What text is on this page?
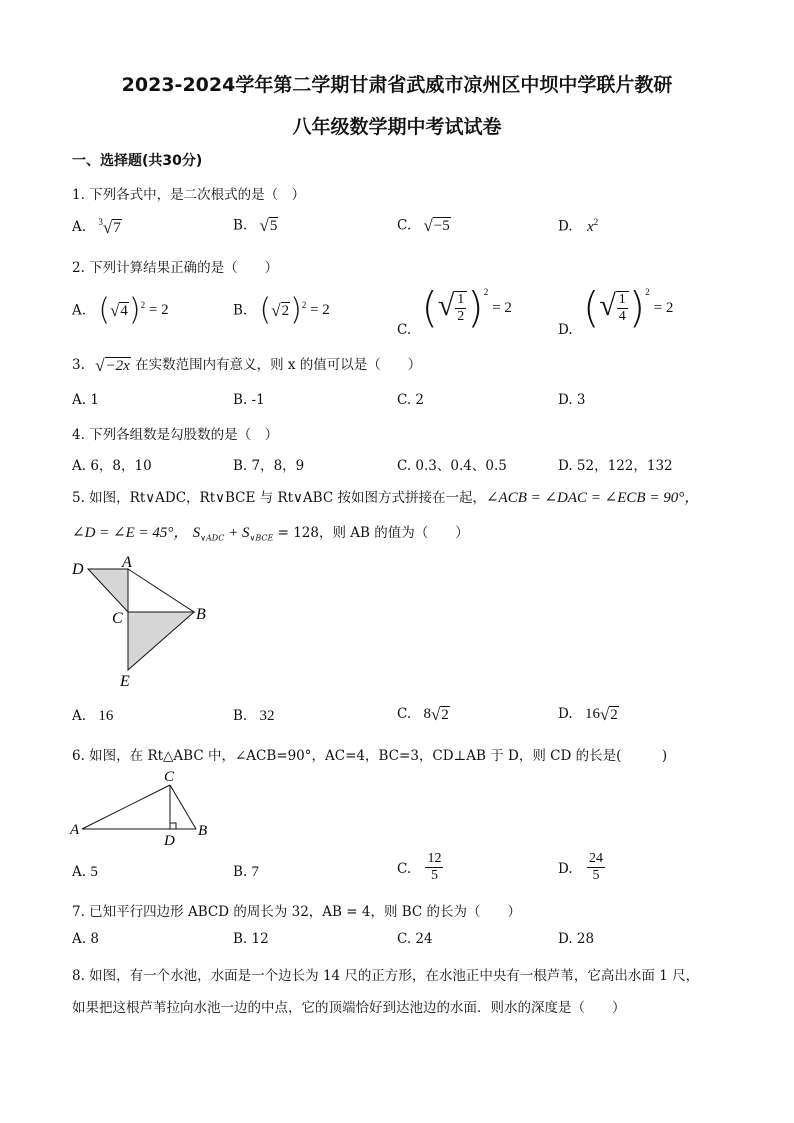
2023-2024学年第二学期甘肃省武威市凉州区中坝中学联片教研
八年级数学期中考试试卷
一、选择题(共30分)
1. 下列各式中，是二次根式的是（　）
A. $^3$ √ 7	B. √ 5	C. √ −5	D. $x^2$
2. 下列计算结果正确的是（　　）
A. ( √ 4 )$^2$ = 2	B. ( √ 2 )$^2$ = 2
C. ( √ $\frac{1}{2} )^2$
= 2
D. ( √ $\frac{1}{4} )^2$
= 2
3. √ −2x 在实数范围内有意义，则 x 的值可以是（　　）
A. 1	B. -1	C. 2	D. 3
4. 下列各组数是勾股数的是（　）
A. 6，8，10	B. 7，8，9	C. 0.3、0.4、0.5	D. 52，122，132
5. 如图，Rt∨ADC，Rt∨BCE 与 Rt∨ABC 按如图方式拼接在一起，∠ACB = ∠DAC = ∠ECB = 90°，
∠D = ∠E = 45°， $S_{\vee ADC} + S_{\vee BCE} = 128$，则 AB 的值为（　　）
D A
C	B
E
A. 16	B. 32	C. 8 √ 2	D. 16 √ 2
6. 如图，在 Rt△ABC 中，∠ACB=90°，AC=4，BC=3，CD⊥AB 于 D，则 CD 的长是(　　　)
C
A
D
B
A. 5	B. 7	C. $\frac{12}{5}$	D. $\frac{24}{5}$
7. 已知平行四边形 ABCD 的周长为 32，AB = 4，则 BC 的长为（　　）
A. 8	B. 12	C. 24	D. 28
8. 如图，有一个水池，水面是一个边长为 14 尺的正方形，在水池正中央有一根芦苇，它高出水面 1 尺，
如果把这根芦苇拉向水池一边的中点，它的顶端恰好到达池边的水面．则水的深度是（　　）
